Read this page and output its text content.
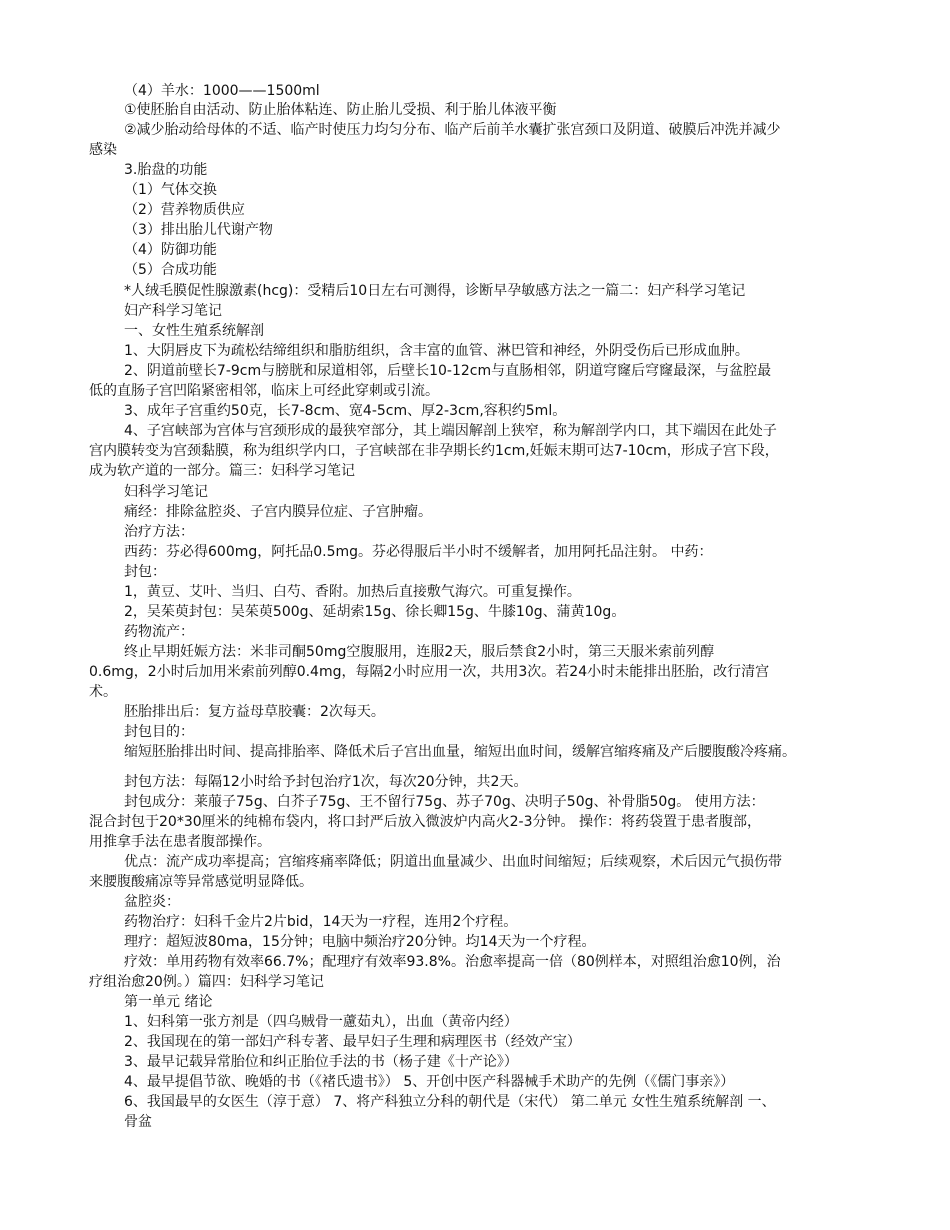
（4）羊水：1000——1500ml
①使胚胎自由活动、防止胎体粘连、防止胎儿受损、利于胎儿体液平衡
②减少胎动给母体的不适、临产时使压力均匀分布、临产后前羊水囊扩张宫颈口及阴道、破膜后冲洗并减少
感染
3.胎盘的功能
（1）气体交换
（2）营养物质供应
（3）排出胎儿代谢产物
（4）防御功能
（5）合成功能
*人绒毛膜促性腺激素(hcg)：受精后10日左右可测得，诊断早孕敏感方法之一篇二：妇产科学习笔记
妇产科学习笔记
一、女性生殖系统解剖
1、大阴唇皮下为疏松结缔组织和脂肪组织，含丰富的血管、淋巴管和神经，外阴受伤后已形成血肿。
2、阴道前壁长7-9cm与膀胱和尿道相邻，后壁长10-12cm与直肠相邻，阴道穹窿后穹窿最深，与盆腔最
低的直肠子宫凹陷紧密相邻，临床上可经此穿刺或引流。
3、成年子宫重约50克，长7-8cm、宽4-5cm、厚2-3cm,容积约5ml。
4、子宫峡部为宫体与宫颈形成的最狭窄部分，其上端因解剖上狭窄，称为解剖学内口，其下端因在此处子
宫内膜转变为宫颈黏膜，称为组织学内口，子宫峡部在非孕期长约1cm,妊娠末期可达7-10cm，形成子宫下段，
成为软产道的一部分。篇三：妇科学习笔记
妇科学习笔记
痛经：排除盆腔炎、子宫内膜异位症、子宫肿瘤。
治疗方法：
西药：芬必得600mg，阿托品0.5mg。芬必得服后半小时不缓解者，加用阿托品注射。 中药：
封包：
1，黄豆、艾叶、当归、白芍、香附。加热后直接敷气海穴。可重复操作。
2，吴茱萸封包：吴茱萸500g、延胡索15g、徐长卿15g、牛膝10g、蒲黄10g。
药物流产：
终止早期妊娠方法：米非司酮50mg空腹服用，连服2天，服后禁食2小时，第三天服米索前列醇
0.6mg，2小时后加用米索前列醇0.4mg，每隔2小时应用一次，共用3次。若24小时未能排出胚胎，改行清宫
术。
胚胎排出后：复方益母草胶囊：2次每天。
封包目的：
缩短胚胎排出时间、提高排胎率、降低术后子宫出血量，缩短出血时间，缓解宫缩疼痛及产后腰腹酸冷疼痛。
封包方法：每隔12小时给予封包治疗1次，每次20分钟，共2天。
封包成分：莱菔子75g、白芥子75g、王不留行75g、苏子70g、决明子50g、补骨脂50g。 使用方法：
混合封包于20*30厘米的纯棉布袋内，将口封严后放入微波炉内高火2-3分钟。 操作：将药袋置于患者腹部，
用推拿手法在患者腹部操作。
优点：流产成功率提高；宫缩疼痛率降低；阴道出血量减少、出血时间缩短；后续观察，术后因元气损伤带
来腰腹酸痛凉等异常感觉明显降低。
盆腔炎：
药物治疗：妇科千金片2片bid，14天为一疗程，连用2个疗程。
理疗：超短波80ma，15分钟；电脑中频治疗20分钟。均14天为一个疗程。
疗效：单用药物有效率66.7%；配理疗有效率93.8%。治愈率提高一倍（80例样本，对照组治愈10例，治
疗组治愈20例。）篇四：妇科学习笔记
第一单元 绪论
1、妇科第一张方剂是（四乌贼骨一藘茹丸），出血（黄帝内经）
2、我国现在的第一部妇产科专著、最早妇子生理和病理医书（经效产宝）
3、最早记载异常胎位和纠正胎位手法的书（杨子建《十产论》）
4、最早提倡节欲、晚婚的书（《褚氏遗书》） 5、开创中医产科器械手术助产的先例（《儒门事亲》）
6、我国最早的女医生（淳于意） 7、将产科独立分科的朝代是（宋代） 第二单元 女性生殖系统解剖 一、
骨盆
